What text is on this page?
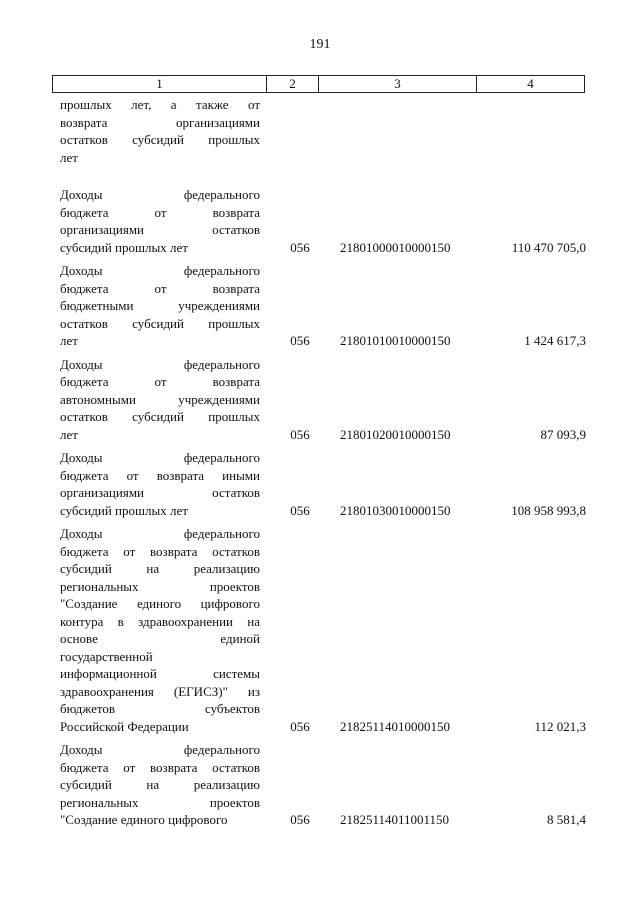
191
1	2	3	4
прошлых лет, а также от
возврата организациями
остатков субсидий прошлых
лет
Доходы федерального
бюджета от возврата
организациями остатков
субсидий прошлых лет	056	21801000010000150	110 470 705,0
Доходы федерального
бюджета от возврата
бюджетными учреждениями
остатков субсидий прошлых
лет	056	21801010010000150	1 424 617,3
Доходы федерального
бюджета от возврата
автономными учреждениями
остатков субсидий прошлых
лет	056	21801020010000150	87 093,9
Доходы федерального
бюджета от возврата иными
организациями остатков
субсидий прошлых лет	056	21801030010000150	108 958 993,8
Доходы федерального
бюджета от возврата остатков
субсидий на реализацию
региональных проектов
"Создание единого цифрового
контура в здравоохранении на
основе единой
государственной
информационной системы
здравоохранения (ЕГИСЗ)" из
бюджетов субъектов
Российской Федерации	056	21825114010000150	112 021,3
Доходы федерального
бюджета от возврата остатков
субсидий на реализацию
региональных проектов
"Создание единого цифрового	056	21825114011001150	8 581,4
